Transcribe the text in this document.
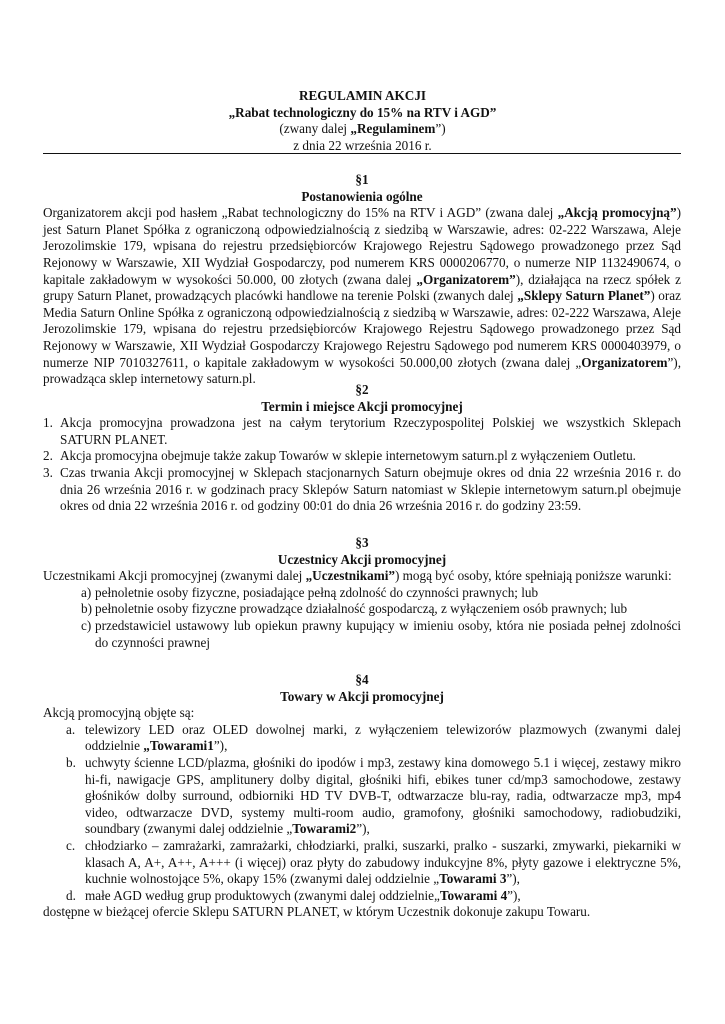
REGULAMIN AKCJI
„Rabat technologiczny do 15% na RTV i AGD”
(zwany dalej „Regulaminem”)
z dnia 22 września 2016 r.
§1
Postanowienia ogólne
Organizatorem akcji pod hasłem „Rabat technologiczny do 15% na RTV i AGD” (zwana dalej „Akcją promocyjną”) jest Saturn Planet Spółka z ograniczoną odpowiedzialnością z siedzibą w Warszawie, adres: 02-222 Warszawa, Aleje Jerozolimskie 179, wpisana do rejestru przedsiębiorców Krajowego Rejestru Sądowego prowadzonego przez Sąd Rejonowy w Warszawie, XII Wydział Gospodarczy, pod numerem KRS 0000206770, o numerze NIP 1132490674, o kapitale zakładowym w wysokości 50.000, 00 złotych (zwana dalej „Organizatorem”), działająca na rzecz spółek z grupy Saturn Planet, prowadzących placówki handlowe na terenie Polski (zwanych dalej „Sklepy Saturn Planet”) oraz Media Saturn Online Spółka z ograniczoną odpowiedzialnością z siedzibą w Warszawie, adres: 02-222 Warszawa, Aleje Jerozolimskie 179, wpisana do rejestru przedsiębiorców Krajowego Rejestru Sądowego prowadzonego przez Sąd Rejonowy w Warszawie, XII Wydział Gospodarczy Krajowego Rejestru Sądowego pod numerem KRS 0000403979, o numerze NIP 7010327611, o kapitale zakładowym w wysokości 50.000,00 złotych (zwana dalej „Organizatorem”), prowadząca sklep internetowy saturn.pl.
§2
Termin i miejsce Akcji promocyjnej
1. Akcja promocyjna prowadzona jest na całym terytorium Rzeczypospolitej Polskiej we wszystkich Sklepach SATURN PLANET.
2. Akcja promocyjna obejmuje także zakup Towarów w sklepie internetowym saturn.pl z wyłączeniem Outletu.
3. Czas trwania Akcji promocyjnej w Sklepach stacjonarnych Saturn obejmuje okres od dnia 22 września 2016 r. do dnia 26 września 2016 r. w godzinach pracy Sklepów Saturn natomiast w Sklepie internetowym saturn.pl obejmuje okres od dnia 22 września 2016 r. od godziny 00:01 do dnia 26 września 2016 r. do godziny 23:59.
§3
Uczestnicy Akcji promocyjnej
Uczestnikami Akcji promocyjnej (zwanymi dalej „Uczestnikami”) mogą być osoby, które spełniają poniższe warunki:
a) pełnoletnie osoby fizyczne, posiadające pełną zdolność do czynności prawnych; lub
b) pełnoletnie osoby fizyczne prowadzące działalność gospodarczą, z wyłączeniem osób prawnych; lub
c) przedstawiciel ustawowy lub opiekun prawny kupujący w imieniu osoby, która nie posiada pełnej zdolności do czynności prawnej
§4
Towary w Akcji promocyjnej
Akcją promocyjną objęte są:
a. telewizory LED oraz OLED dowolnej marki, z wyłączeniem telewizorów plazmowych (zwanymi dalej oddzielnie „Towarami1”),
b. uchwyty ścienne LCD/plazma, głośniki do ipodów i mp3, zestawy kina domowego 5.1 i więcej, zestawy mikro hi-fi, nawigacje GPS, amplitunery dolby digital, głośniki hifi, ebikes tuner cd/mp3 samochodowe, zestawy głośników dolby surround, odbiorniki HD TV DVB-T, odtwarzacze blu-ray, radia, odtwarzacze mp3, mp4 video, odtwarzacze DVD, systemy multi-room audio, gramofony, głośniki samochodowy, radiobudziki, soundbary (zwanymi dalej oddzielnie „Towarami2”),
c. chłodziarko – zamrażarki, zamrażarki, chłodziarki, pralki, suszarki, pralko - suszarki, zmywarki, piekarniki w klasach A, A+, A++, A+++ (i więcej) oraz płyty do zabudowy indukcyjne 8%, płyty gazowe i elektryczne 5%, kuchnie wolnostojące 5%, okapy 15% (zwanymi dalej oddzielnie „Towarami 3”),
d. małe AGD według grup produktowych (zwanymi dalej oddzielnie„Towarami 4”),
dostępne w bieżącej ofercie Sklepu SATURN PLANET, w którym Uczestnik dokonuje zakupu Towaru.
